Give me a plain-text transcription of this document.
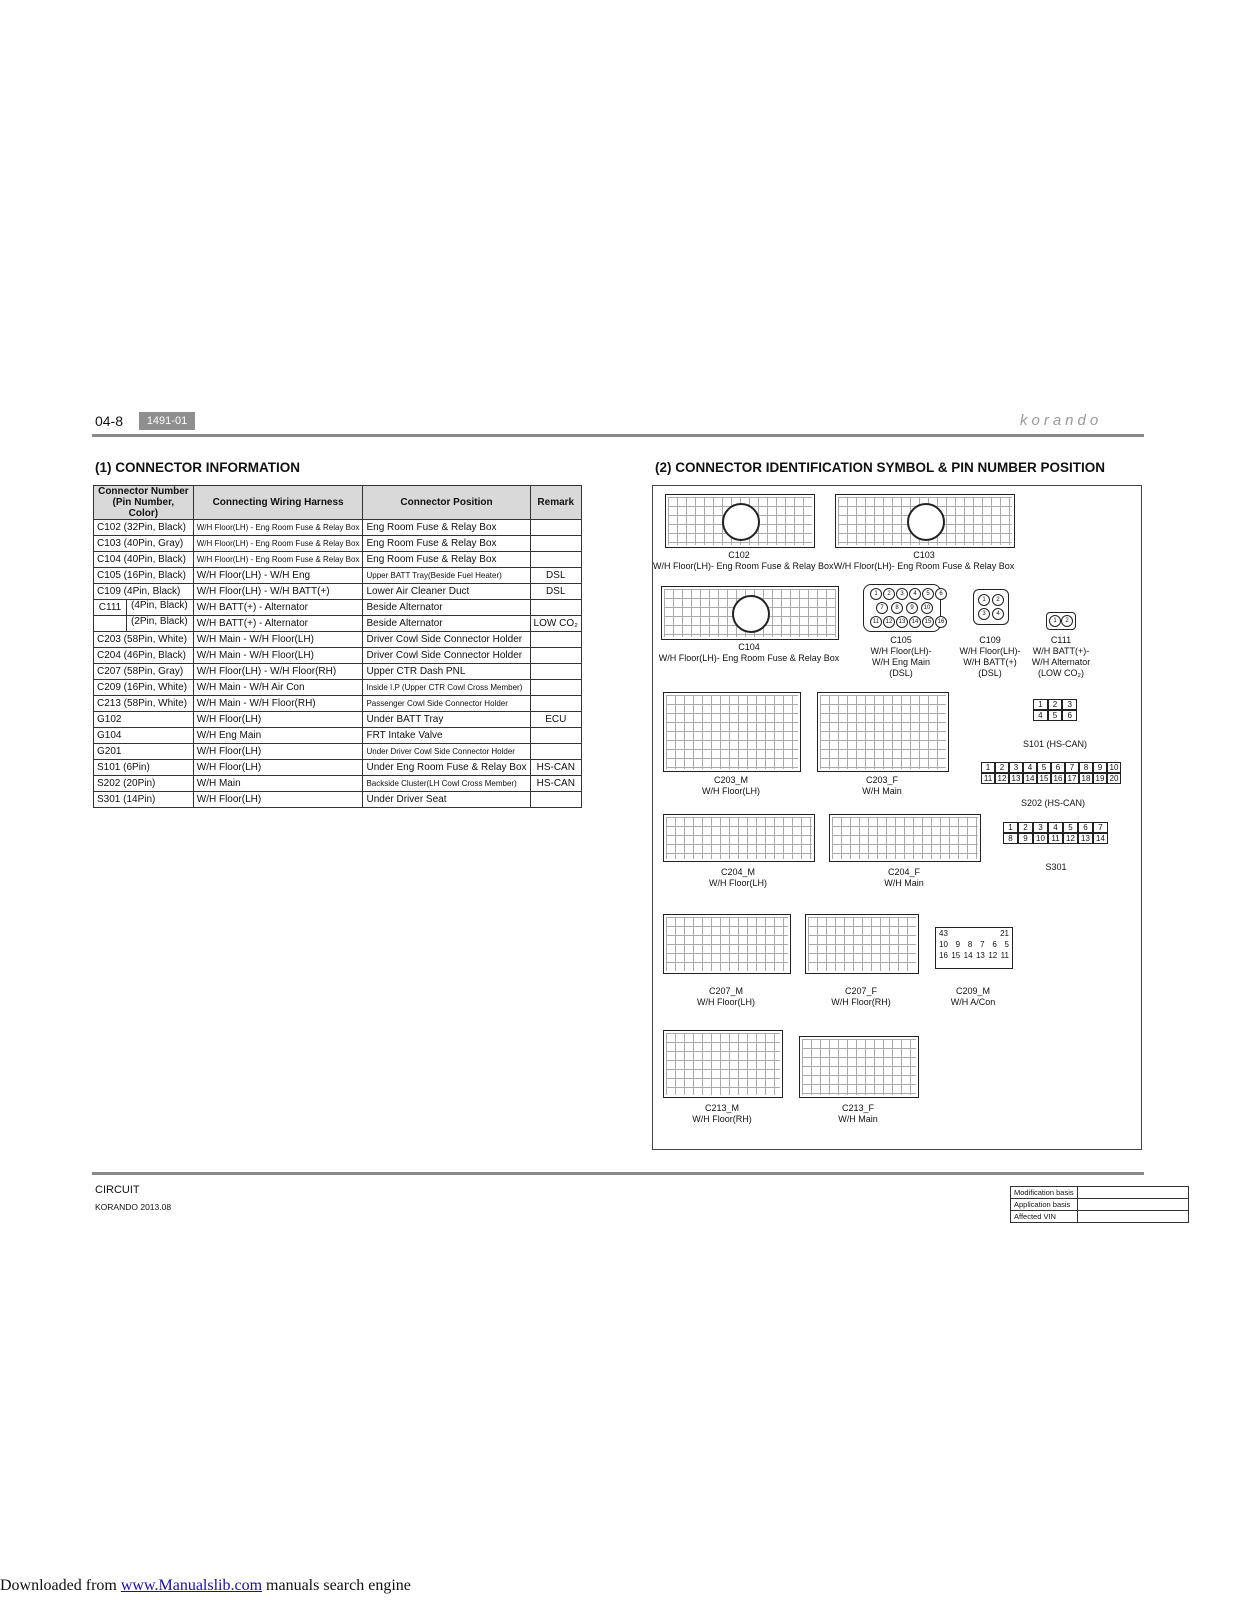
04-8	1491-01	korando
(1) CONNECTOR INFORMATION	(2) CONNECTOR IDENTIFICATION SYMBOL & PIN NUMBER POSITION
Connector Number (Pin Number, Color)	Connecting Wiring Harness	Connector Position	Remark
C102 (32Pin, Black)	W/H Floor(LH) - Eng Room Fuse & Relay Box	Eng Room Fuse & Relay Box	
C103 (40Pin, Gray)	W/H Floor(LH) - Eng Room Fuse & Relay Box	Eng Room Fuse & Relay Box	
C104 (40Pin, Black)	W/H Floor(LH) - Eng Room Fuse & Relay Box	Eng Room Fuse & Relay Box	
C105 (16Pin, Black)	W/H Floor(LH) - W/H Eng	Upper BATT Tray(Beside Fuel Heater)	DSL
C109 (4Pin, Black)	W/H Floor(LH) - W/H BATT(+)	Lower Air Cleaner Duct	DSL

C111 (4Pin, Black)	W/H BATT(+) - Alternator	Beside Alternator	

(2Pin, Black)	W/H BATT(+) - Alternator	Beside Alternator	LOW CO₂
C203 (58Pin, White)	W/H Main - W/H Floor(LH)	Driver Cowl Side Connector Holder	
C204 (46Pin, Black)	W/H Main - W/H Floor(LH)	Driver Cowl Side Connector Holder	
C207 (58Pin, Gray)	W/H Floor(LH) - W/H Floor(RH)	Upper CTR Dash PNL	
C209 (16Pin, White)	W/H Main - W/H Air Con	Inside I.P (Upper CTR Cowl Cross Member)	
C213 (58Pin, White)	W/H Main - W/H Floor(RH)	Passenger Cowl Side Connector Holder	
G102	W/H Floor(LH)	Under BATT Tray	ECU
G104	W/H Eng Main	FRT Intake Valve	
G201	W/H Floor(LH)	Under Driver Cowl Side Connector Holder	
S101 (6Pin)	W/H Floor(LH)	Under Eng Room Fuse & Relay Box	HS-CAN
S202 (20Pin)	W/H Main	Backside Cluster(LH Cowl Cross Member)	HS-CAN
S301 (14Pin)	W/H Floor(LH)	Under Driver Seat	
C102
W/H Floor(LH)- Eng Room Fuse & Relay Box
C103
W/H Floor(LH)- Eng Room Fuse & Relay Box
C104
W/H Floor(LH)- Eng Room Fuse & Relay Box
1	2	3	4	5	6
7	8	9	10
11	12	13	14	15	16
C105
W/H Floor(LH)-
W/H Eng Main
(DSL)
1	2
3	4
C109
W/H Floor(LH)-
W/H BATT(+)
(DSL)
1	2
C111
W/H BATT(+)-
W/H Alternator
(LOW CO₂)
C203_M
W/H Floor(LH)
C203_F
W/H Main
1	2	3
4	5	6
S101 (HS-CAN)
1	2	3	4	5	6	7	8	9 10
11 12 13 14 15 16 17 18 19 20
S202 (HS-CAN)
C204_M
W/H Floor(LH)
C204_F
W/H Main
1	2	3	4	5	6	7
8	9	10 11 12 13 14
S301
C207_M
W/H Floor(LH)
C207_F
W/H Floor(RH)
4 3	2 1
10 9 8 7 6 5
16 15 14 13 12 11
C209_M
W/H A/Con
C213_M
W/H Floor(RH)
C213_F
W/H Main
CIRCUIT
KORANDO 2013.08
Modification basis	
Application basis	
Affected VIN	
Downloaded from www.Manualslib.com manuals search engine
